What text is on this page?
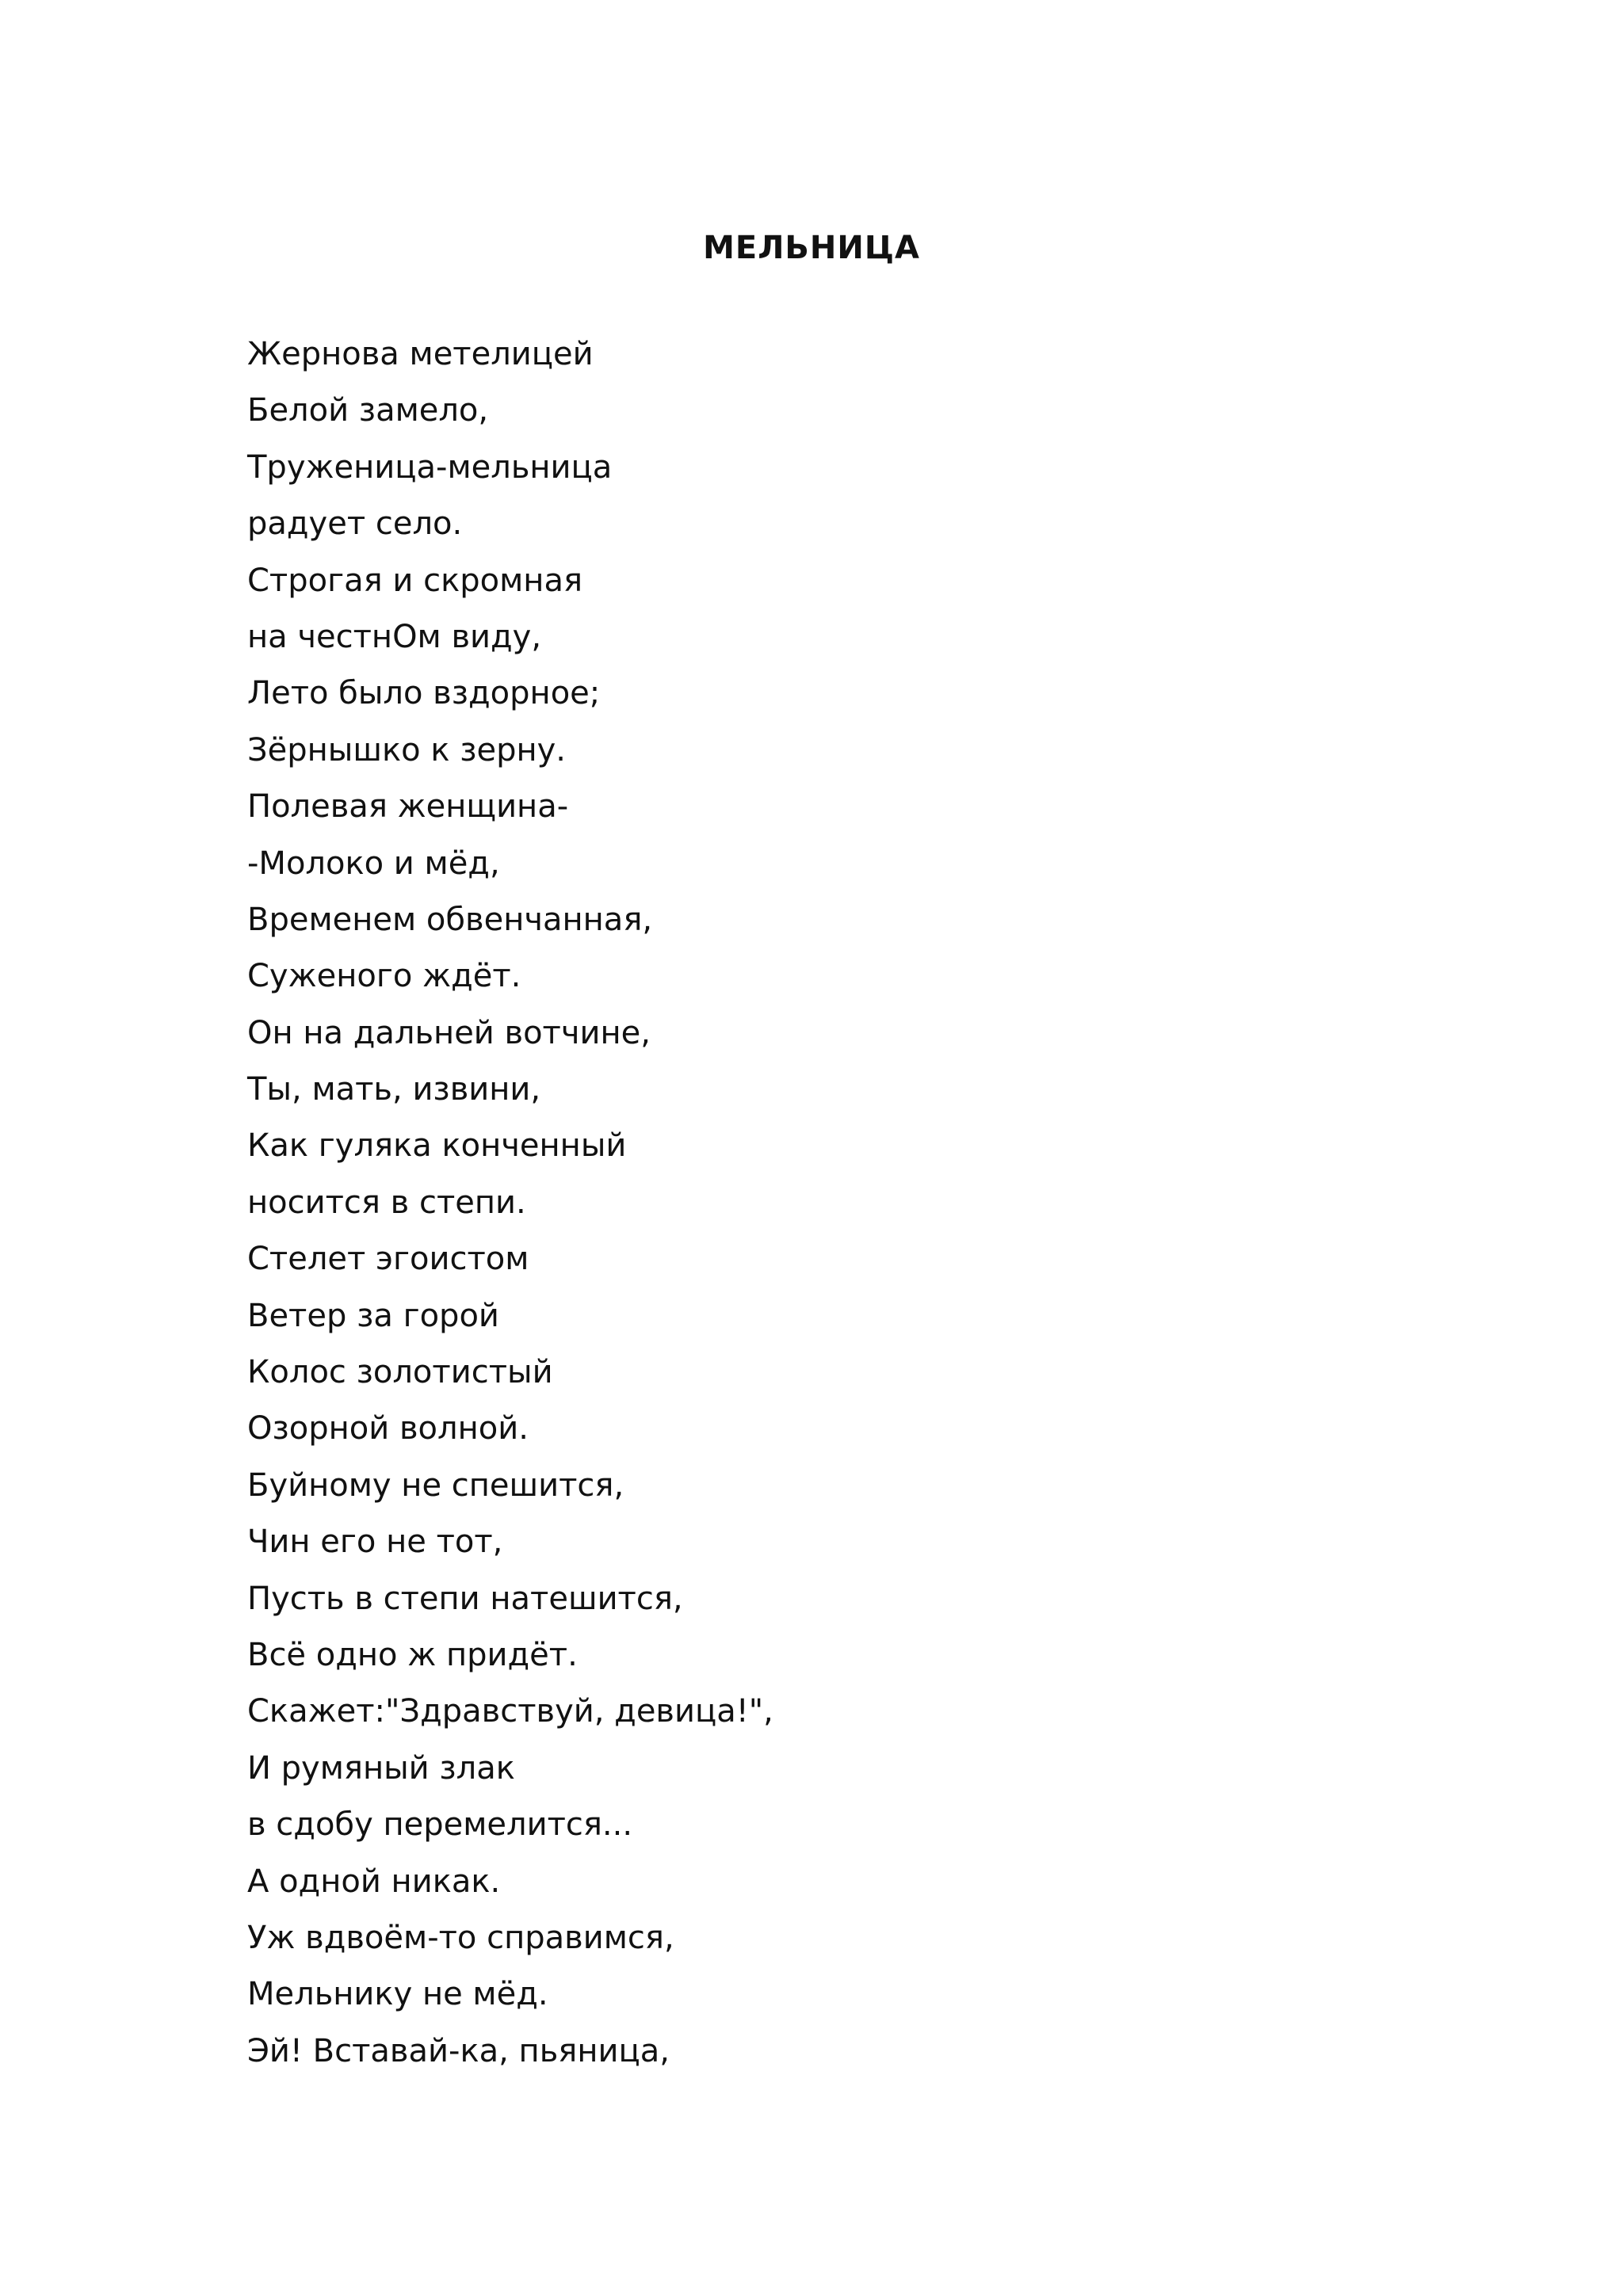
МЕЛЬНИЦА
Жернова метелицей
Белой замело,
Труженица-мельница
радует село.
Строгая и скромная
на честнОм виду,
Лето было вздорное;
Зёрнышко к зерну.
Полевая женщина-
-Молоко и мёд,
Временем обвенчанная,
Суженого ждёт.
Он на дальней вотчине,
Ты, мать, извини,
Как гуляка конченный
носится в степи.
Стелет эгоистом
Ветер за горой
Колос золотистый
Озорной волной.
Буйному не спешится,
Чин его не тот,
Пусть в степи натешится,
Всё одно ж придёт.
Скажет:"Здравствуй, девица!",
И румяный злак
в сдобу перемелится...
А одной никак.
Уж вдвоём-то справимся,
Мельнику не мёд.
Эй! Вставай-ка, пьяница,
